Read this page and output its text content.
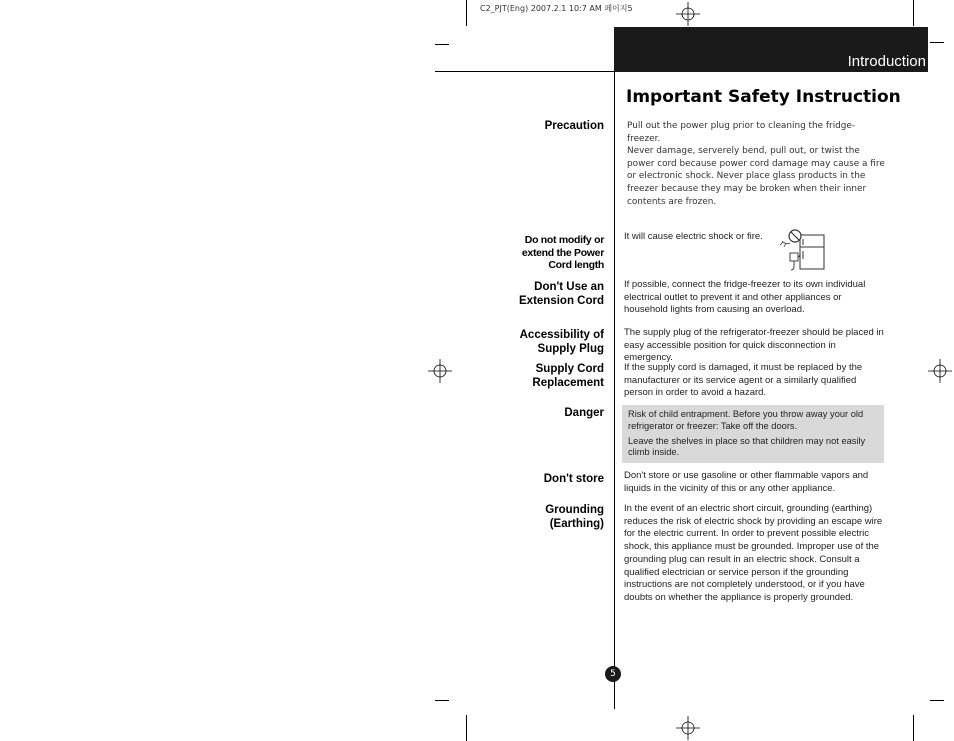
C2_PJT(Eng) 2007.2.1 10:7 AM 페이지5
Introduction
Important Safety Instruction
Precaution	Pull out the power plug prior to cleaning the fridge-freezer.

Never damage, serverely bend, pull out, or twist the power cord because power cord damage may cause a fire or electronic shock. Never place glass products in the freezer because they may be broken when their inner contents are frozen.

Do not modify or
extend the Power
Cord length

It will cause electric shock or fire.

Don't Use an
Extension Cord

If possible, connect the fridge-freezer to its own individual electrical outlet to prevent it and other appliances or household lights from causing an overload.

Accessibility of
Supply Plug

The supply plug of the refrigerator-freezer should be placed in easy accessible position for quick disconnection in emergency.

Supply Cord
Replacement

If the supply cord is damaged, it must be replaced by the manufacturer or its service agent or a similarly qualified person in order to avoid a hazard.

Danger	Risk of child entrapment. Before you throw away your old refrigerator or freezer: Take off the doors.

Leave the shelves in place so that children may not easily climb inside.

Don't store Don't store or use gasoline or other flammable vapors and liquids in the vicinity of this or any other appliance.

Grounding
(Earthing)

In the event of an electric short circuit, grounding (earthing) reduces the risk of electric shock by providing an escape wire for the electric current. In order to prevent possible electric shock, this appliance must be grounded. Improper use of the grounding plug can result in an electric shock. Consult a qualified electrician or service person if the grounding instructions are not completely understood, or if you have doubts on whether the appliance is properly grounded.

5
